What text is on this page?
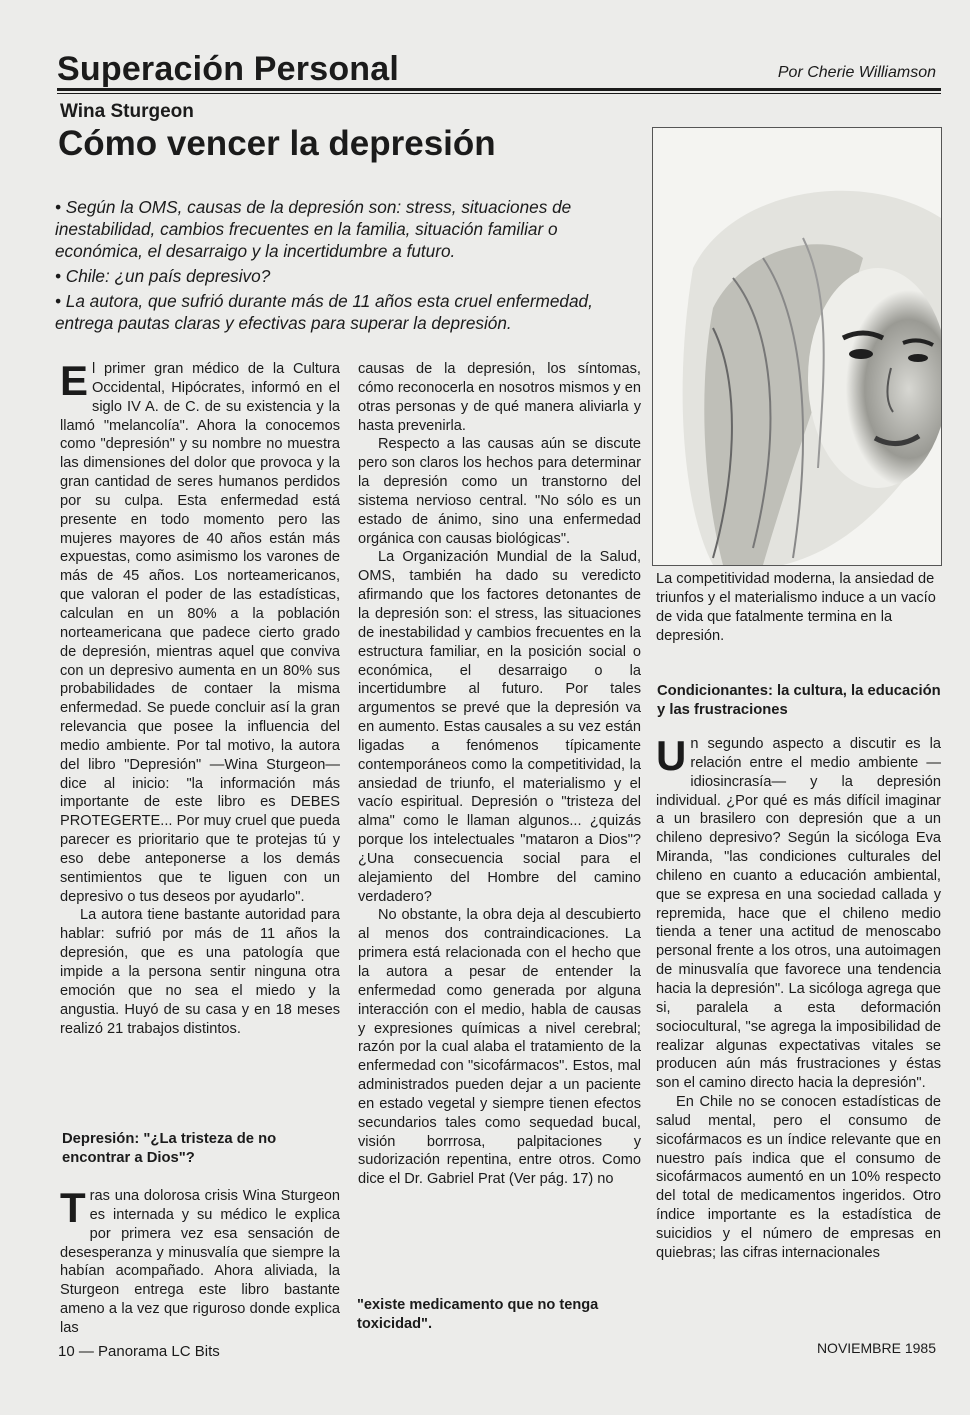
Superación Personal	Por Cherie Williamson
Wina Sturgeon
Cómo vencer la depresión
• Según la OMS, causas de la depresión son: stress, situaciones de inestabilidad, cambios frecuentes en la familia, situación familiar o económica, el desarraigo y la incertidumbre a futuro.
• Chile: ¿un país depresivo?
• La autora, que sufrió durante más de 11 años esta cruel enfermedad, entrega pautas claras y efectivas para superar la depresión.

La competitividad moderna, la ansiedad de triunfos y el materialismo induce a un vacío de vida que fatalmente termina en la depresión.

El primer gran médico de la Cultura Occidental, Hipócrates, informó en el siglo IV A. de C. de su existencia y la llamó "melancolía". Ahora la conocemos como "depresión" y su nombre no muestra las dimensiones del dolor que provoca y la gran cantidad de seres humanos perdidos por su culpa. Esta enfermedad está presente en todo momento pero las mujeres mayores de 40 años están más expuestas, como asimismo los varones de más de 45 años. Los norteamericanos, que valoran el poder de las estadísticas, calculan en un 80% a la población norteamericana que padece cierto grado de depresión, mientras aquel que conviva con un depresivo aumenta en un 80% sus probabilidades de contaer la misma enfermedad. Se puede concluir así la gran relevancia que posee la influencia del medio ambiente. Por tal motivo, la autora del libro "Depresión" —Wina Sturgeon— dice al inicio: "la información más importante de este libro es DEBES PROTEGERTE... Por muy cruel que pueda parecer es prioritario que te protejas tú y eso debe anteponerse a los demás sentimientos que te liguen con un depresivo o tus deseos por ayudarlo".

La autora tiene bastante autoridad para hablar: sufrió por más de 11 años la depresión, que es una patología que impide a la persona sentir ninguna otra emoción que no sea el miedo y la angustia. Huyó de su casa y en 18 meses realizó 21 trabajos distintos.

Depresión: "¿La tristeza de no encontrar a Dios"?

Tras una dolorosa crisis Wina Sturgeon es internada y su médico le explica por primera vez esa sensación de desesperanza y minusvalía que siempre la habían acompañado. Ahora aliviada, la Sturgeon entrega este libro bastante ameno a la vez que riguroso donde explica las

causas de la depresión, los síntomas, cómo reconocerla en nosotros mismos y en otras personas y de qué manera aliviarla y hasta prevenirla.

Respecto a las causas aún se discute pero son claros los hechos para determinar la depresión como un transtorno del sistema nervioso central. "No sólo es un estado de ánimo, sino una enfermedad orgánica con causas biológicas".

La Organización Mundial de la Salud, OMS, también ha dado su veredicto afirmando que los factores detonantes de la depresión son: el stress, las situaciones de inestabilidad y cambios frecuentes en la estructura familiar, en la posición social o económica, el desarraigo o la incertidumbre al futuro. Por tales argumentos se prevé que la depresión va en aumento. Estas causales a su vez están ligadas a fenómenos típicamente contemporáneos como la competitividad, la ansiedad de triunfo, el materialismo y el vacío espiritual. Depresión o "tristeza del alma" como le llaman algunos... ¿quizás porque los intelectuales "mataron a Dios"? ¿Una consecuencia social para el alejamiento del Hombre del camino verdadero?

No obstante, la obra deja al descubierto al menos dos contraindicaciones. La primera está relacionada con el hecho que la autora a pesar de entender la enfermedad como generada por alguna interacción con el medio, habla de causas y expresiones químicas a nivel cerebral; razón por la cual alaba el tratamiento de la enfermedad con "sicofármacos". Estos, mal administrados pueden dejar a un paciente en estado vegetal y siempre tienen efectos secundarios tales como sequedad bucal, visión borrrosa, palpitaciones y sudorización repentina, entre otros. Como dice el Dr. Gabriel Prat (Ver pág. 17) no

"existe medicamento que no tenga toxicidad".
Condicionantes: la cultura, la educación y las frustraciones

Un segundo aspecto a discutir es la relación entre el medio ambiente —idiosincrasía— y la depresión individual. ¿Por qué es más difícil imaginar a un brasilero con depresión que a un chileno depresivo? Según la sicóloga Eva Miranda, "las condiciones culturales del chileno en cuanto a educación ambiental, que se expresa en una sociedad callada y repremida, hace que el chileno medio tienda a tener una actitud de menoscabo personal frente a los otros, una autoimagen de minusvalía que favorece una tendencia hacia la depresión". La sicóloga agrega que si, paralela a esta deformación sociocultural, "se agrega la imposibilidad de realizar algunas expectativas vitales se producen aún más frustraciones y éstas son el camino directo hacia la depresión".

En Chile no se conocen estadísticas de salud mental, pero el consumo de sicofármacos es un índice relevante que en nuestro país indica que el consumo de sicofármacos aumentó en un 10% respecto del total de medicamentos ingeridos. Otro índice importante es la estadística de suicidios y el número de empresas en quiebras; las cifras internacionales

10 — Panorama LC Bits	NOVIEMBRE 1985
